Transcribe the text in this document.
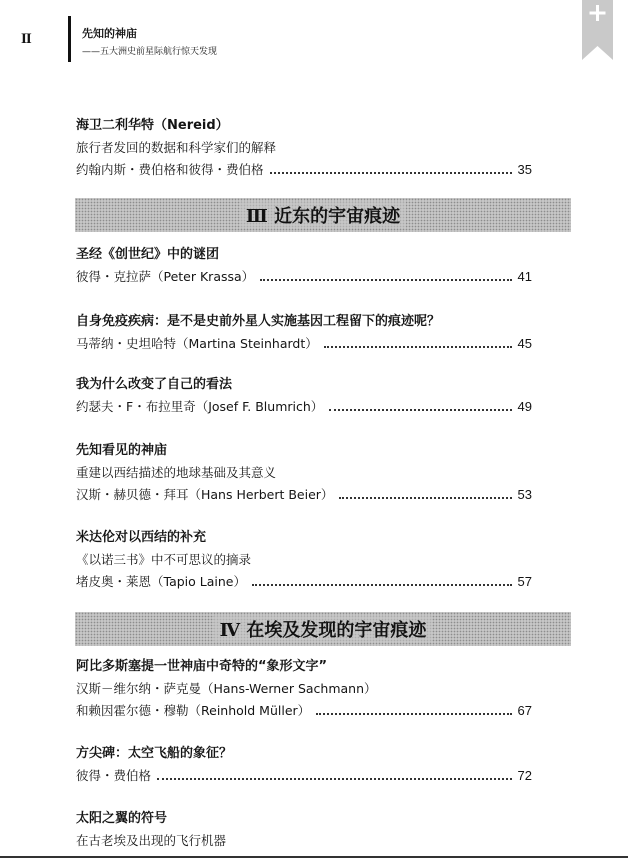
II	先知的神庙
——五大洲史前星际航行惊天发现
海卫二利华特（Nereid）
旅行者发回的数据和科学家们的解释
约翰内斯・费伯格和彼得・费伯格	35
Ⅲ 近东的宇宙痕迹
圣经《创世纪》中的谜团
彼得・克拉萨（Peter Krassa）	41
自身免疫疾病：是不是史前外星人实施基因工程留下的痕迹呢？
马蒂纳・史坦哈特（Martina Steinhardt）	45
我为什么改变了自己的看法
约瑟夫・F・布拉里奇（Josef F. Blumrich）	49
先知看见的神庙
重建以西结描述的地球基础及其意义
汉斯・赫贝德・拜耳（Hans Herbert Beier）	53
米达伦对以西结的补充
《以诺三书》中不可思议的摘录
堵皮奥・莱恩（Tapio Laine）	57
Ⅳ 在埃及发现的宇宙痕迹
阿比多斯塞提一世神庙中奇特的“象形文字”
汉斯－维尔纳・萨克曼（Hans-Werner Sachmann）
和赖因霍尔德・穆勒（Reinhold Müller）	67
方尖碑：太空飞船的象征？
彼得・费伯格	72
太阳之翼的符号
在古老埃及出现的飞行机器
